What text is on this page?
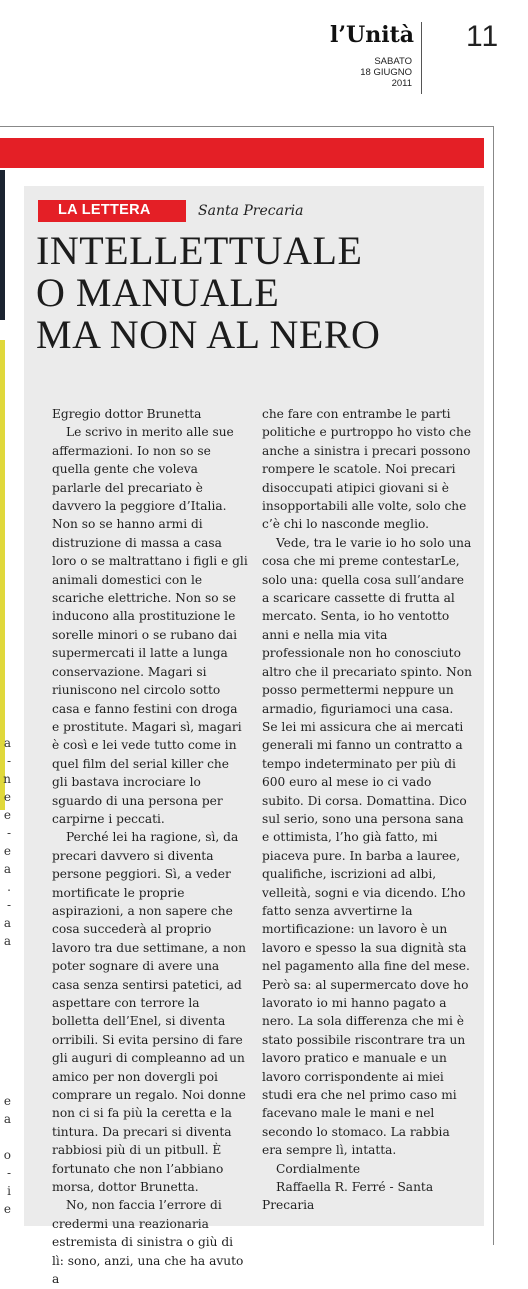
l’Unità
SABATO
18 GIUGNO
2011
11
a
-
n
e
e
-
e
a
.
-
a
a
e
a
o
-
i
e
LA LETTERA	Santa Precaria
INTELLETTUALE
O MANUALE
MA NON AL NERO

Egregio dottor Brunetta

Le scrivo in merito alle sue affermazioni. Io non so se quella gente che voleva parlarle del precariato è davvero la peggiore d’Italia. Non so se hanno armi di distruzione di massa a casa loro o se maltrattano i figli e gli animali domestici con le scariche elettriche. Non so se inducono alla prostituzione le sorelle minori o se rubano dai supermercati il latte a lunga conservazione. Magari si riuniscono nel circolo sotto casa e fanno festini con droga e prostitute. Magari sì, magari è così e lei vede tutto come in quel film del serial killer che gli bastava incrociare lo sguardo di una persona per carpirne i peccati.

Perché lei ha ragione, sì, da precari davvero si diventa persone peggiori. Sì, a veder mortificate le proprie aspirazioni, a non sapere che cosa succederà al proprio lavoro tra due settimane, a non poter sognare di avere una casa senza sentirsi patetici, ad aspettare con terrore la bolletta dell’Enel, si diventa orribili. Si evita persino di fare gli auguri di compleanno ad un amico per non dovergli poi comprare un regalo. Noi donne non ci si fa più la ceretta e la tintura. Da precari si diventa rabbiosi più di un pitbull. È fortunato che non l’abbiano morsa, dottor Brunetta.

No, non faccia l’errore di credermi una reazionaria estremista di sinistra o giù di lì: sono, anzi, una che ha avuto a

che fare con entrambe le parti politiche e purtroppo ho visto che anche a sinistra i precari possono rompere le scatole. Noi precari disoccupati atipici giovani si è insopportabili alle volte, solo che c’è chi lo nasconde meglio.

Vede, tra le varie io ho solo una cosa che mi preme contestarLe, solo una: quella cosa sull’andare a scaricare cassette di frutta al mercato. Senta, io ho ventotto anni e nella mia vita professionale non ho conosciuto altro che il precariato spinto. Non posso permettermi neppure un armadio, figuriamoci una casa. Se lei mi assicura che ai mercati generali mi fanno un contratto a tempo indeterminato per più di 600 euro al mese io ci vado subito. Di corsa. Domattina. Dico sul serio, sono una persona sana e ottimista, l’ho già fatto, mi piaceva pure. In barba a lauree, qualifiche, iscrizioni ad albi, velleità, sogni e via dicendo. L’ho fatto senza avvertirne la mortificazione: un lavoro è un lavoro e spesso la sua dignità sta nel pagamento alla fine del mese. Però sa: al supermercato dove ho lavorato io mi hanno pagato a nero. La sola differenza che mi è stato possibile riscontrare tra un lavoro pratico e manuale e un lavoro corrispondente ai miei studi era che nel primo caso mi facevano male le mani e nel secondo lo stomaco. La rabbia era sempre lì, intatta.

Cordialmente

Raffaella R. Ferré - Santa Precaria
